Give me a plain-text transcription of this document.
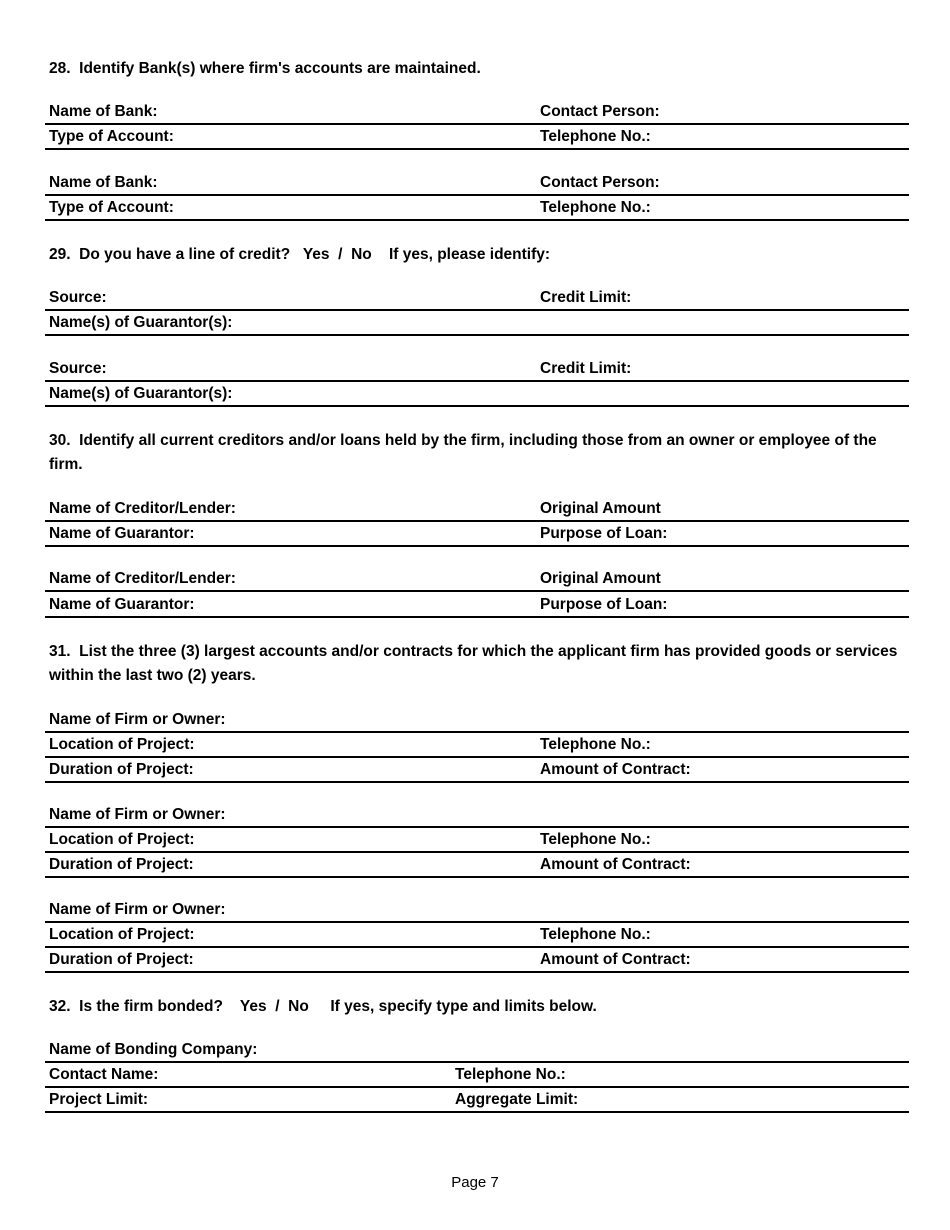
28.  Identify Bank(s) where firm's accounts are maintained.

Name of Bank:	Contact Person:
Type of Account:	Telephone No.:
Name of Bank:	Contact Person:
Type of Account:	Telephone No.:

29.  Do you have a line of credit?   Yes  /  No    If yes, please identify:

Source:	Credit Limit:
Name(s) of Guarantor(s):
Source:	Credit Limit:
Name(s) of Guarantor(s):

30.  Identify all current creditors and/or loans held by the firm, including those from an owner or employee of the firm.

Name of Creditor/Lender:	Original Amount
Name of Guarantor:	Purpose of Loan:
Name of Creditor/Lender:	Original Amount
Name of Guarantor:	Purpose of Loan:

31.  List the three (3) largest accounts and/or contracts for which the applicant firm has provided goods or services within the last two (2) years.

Name of Firm or Owner:
Location of Project:	Telephone No.:
Duration of Project:	Amount of Contract:
Name of Firm or Owner:
Location of Project:	Telephone No.:
Duration of Project:	Amount of Contract:
Name of Firm or Owner:
Location of Project:	Telephone No.:
Duration of Project:	Amount of Contract:

32.  Is the firm bonded?    Yes  /  No     If yes, specify type and limits below.

Name of Bonding Company:
Contact Name:	Telephone No.:
Project Limit:	Aggregate Limit:
Page 7
